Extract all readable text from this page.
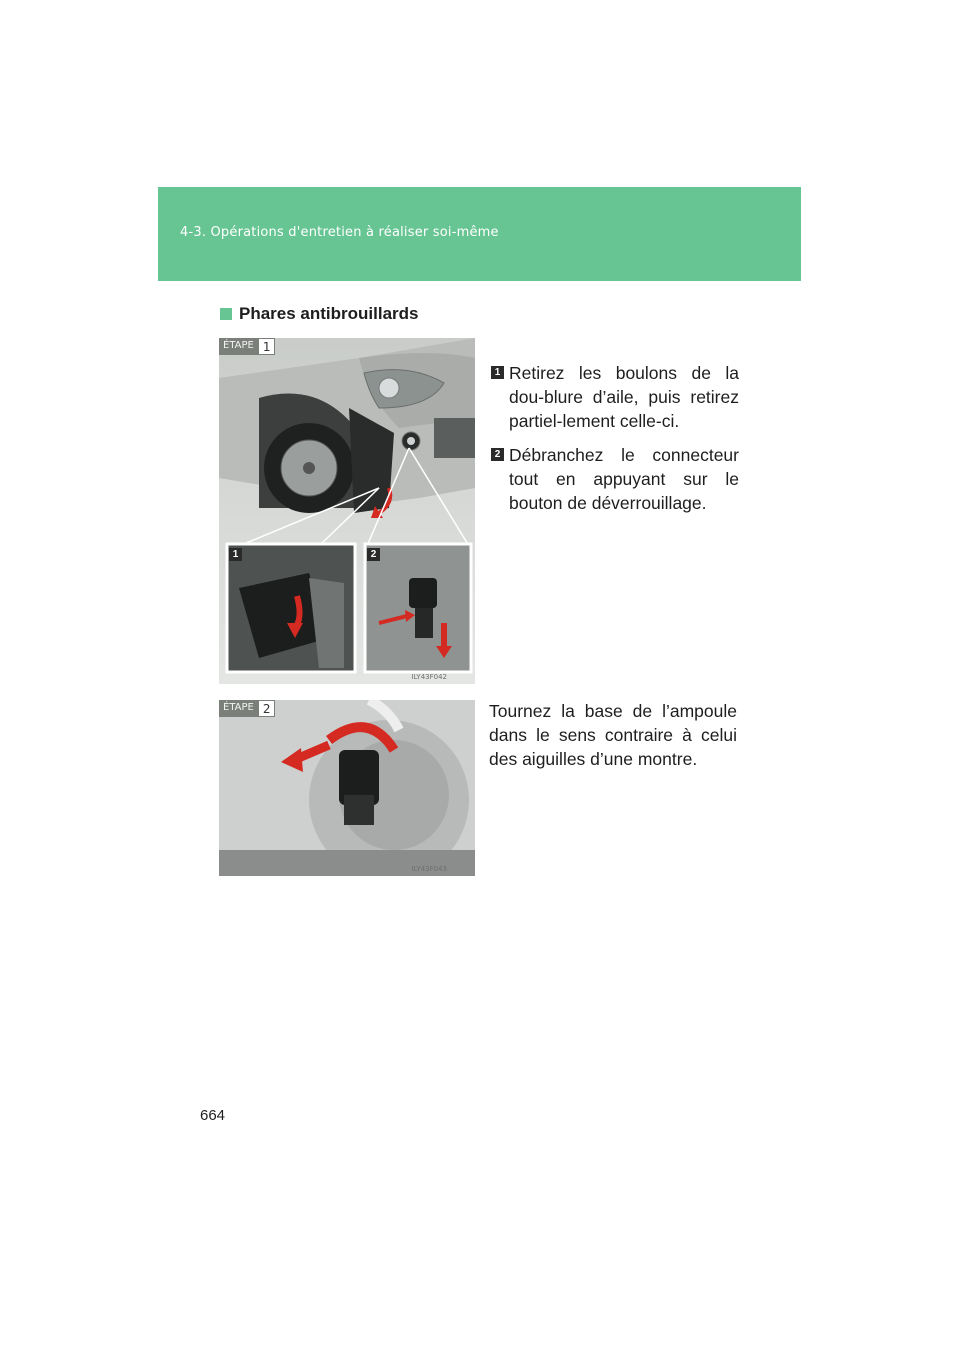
4-3. Opérations d'entretien à réaliser soi-même
Phares antibrouillards
ÉTAPE 1
1	2
ILY43F042
1 Retirez les boulons de la dou-blure d’aile, puis retirez partiel-lement celle-ci.
2 Débranchez le connecteur tout en appuyant sur le bouton de déverrouillage.
ÉTAPE 2
ILY43F043
Tournez la base de l’ampoule dans le sens contraire à celui des aiguilles d’une montre.
664
